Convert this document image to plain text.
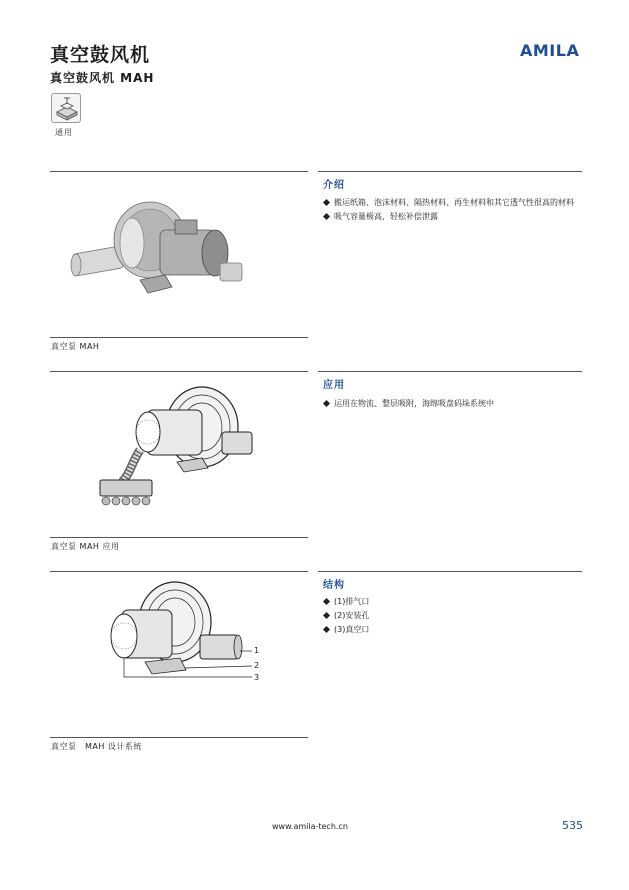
真空鼓风机
真空鼓风机 MAH
AMILA
通用
介绍
搬运纸箱、泡沫材料、隔热材料、再生材料和其它透气性很高的材料
吸气容量极高，轻松补偿泄露
真空泵 MAH
应用
运用在物流、整层吸附，海绵吸盘码垛系统中
真空泵 MAH 应用
结构
(1)排气口
(2)安装孔
(3)真空口
1
2
3
真空泵　MAH 设计系统
www.amila-tech.cn	535
